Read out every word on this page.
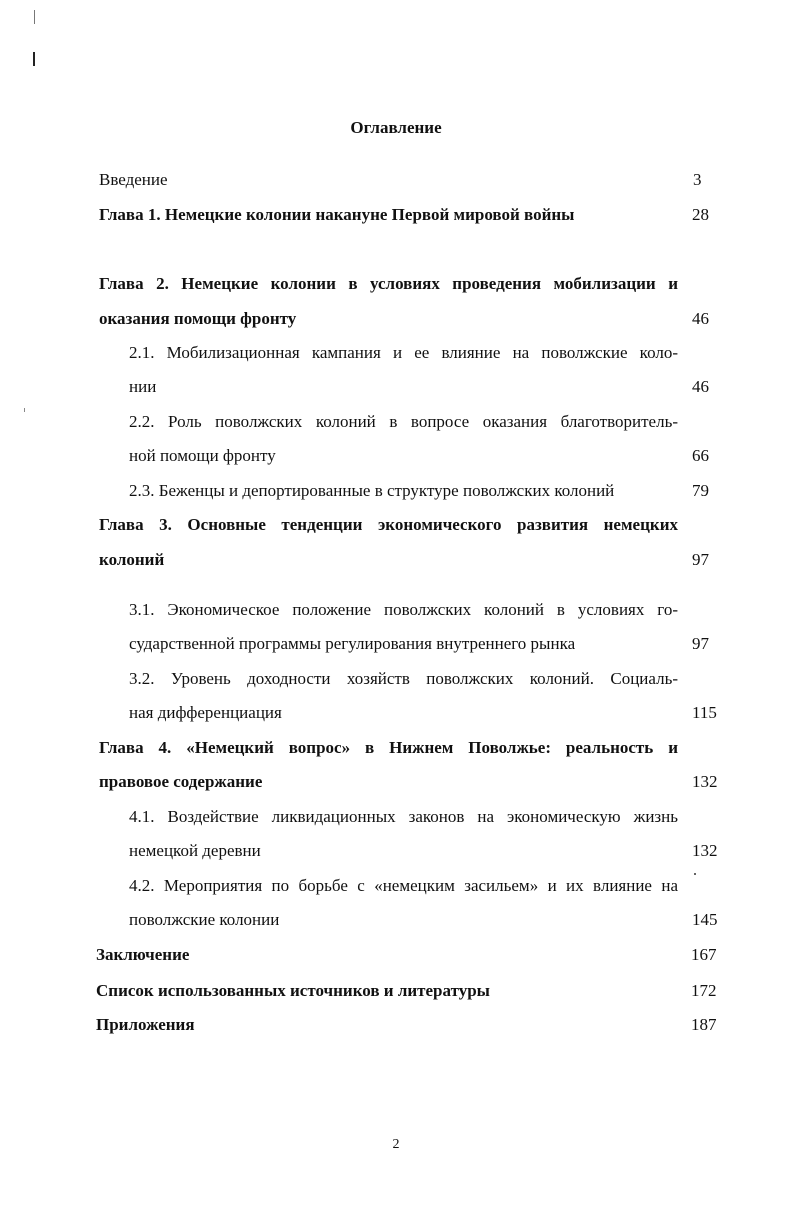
Оглавление
Введение	3
Глава 1. Немецкие колонии накануне Первой мировой войны	28
Глава 2. Немецкие колонии в условиях проведения мобилизации и
оказания помощи фронту	46
2.1. Мобилизационная кампания и ее влияние на поволжские коло-
нии	46
2.2. Роль поволжских колоний в вопросе оказания благотворитель-
ной помощи фронту	66
2.3. Беженцы и депортированные в структуре поволжских колоний	79
Глава 3. Основные тенденции экономического развития немецких
колоний	97
3.1. Экономическое положение поволжских колоний в условиях го-
сударственной программы регулирования внутреннего рынка	97
3.2. Уровень доходности хозяйств поволжских колоний. Социаль-
ная дифференциация	115
Глава 4. «Немецкий вопрос» в Нижнем Поволжье: реальность и
правовое содержание	132
4.1. Воздействие ликвидационных законов на экономическую жизнь
немецкой деревни	132
4.2. Мероприятия по борьбе с «немецким засильем» и их влияние на
поволжские колонии	145
Заключение	167
Список использованных источников и литературы	172
Приложения	187
2
